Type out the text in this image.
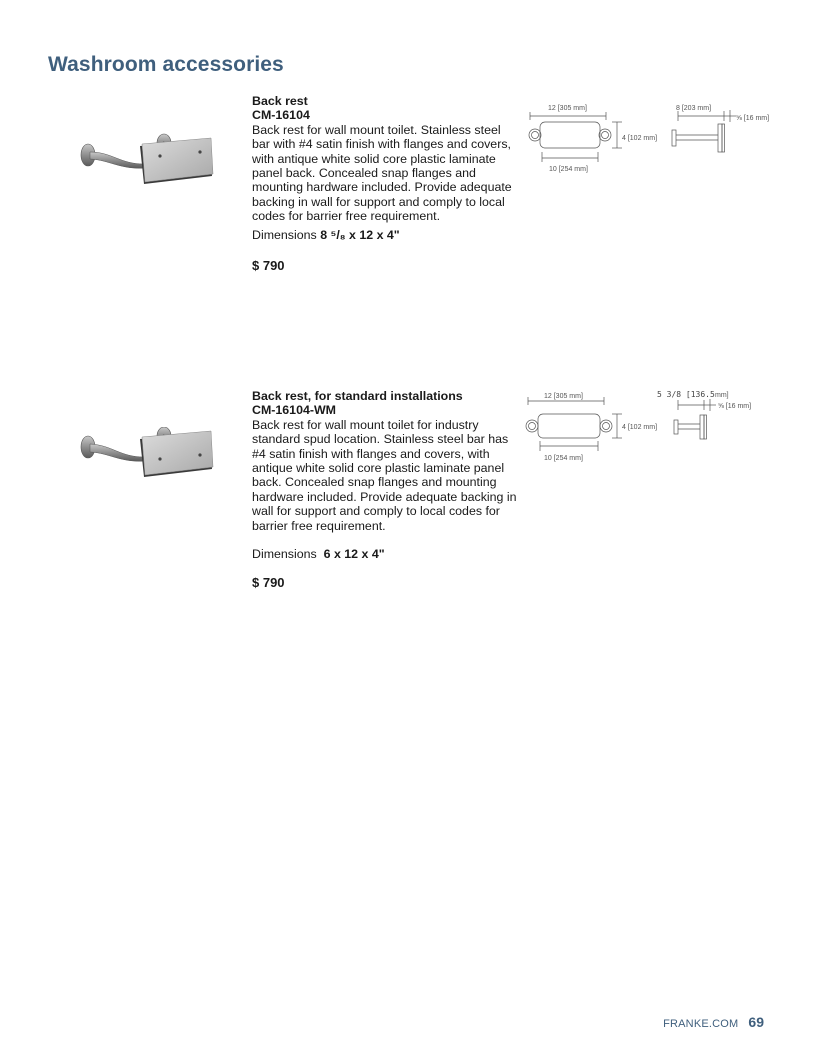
Washroom accessories
Back rest
CM-16104
Back rest for wall mount toilet. Stainless steel bar with #4 satin finish with flanges and covers, with antique white solid core plastic laminate panel back. Concealed snap flanges and mounting hardware included. Provide adequate backing in wall for support and comply to local codes for barrier free requirement.
Dimensions 8 ⁵/₈ x 12 x 4"
$ 790
12 [305 mm]
4 [102 mm]
10 [254 mm]
8 [203 mm]
⅝ [16 mm]
Back rest, for standard installations
CM-16104-WM
Back rest for wall mount toilet for industry standard spud location. Stainless steel bar has #4 satin finish with flanges and covers, with antique white solid core plastic laminate panel back. Concealed snap flanges and mounting hardware included. Provide adequate backing in wall for support and comply to local codes for barrier free requirement.
Dimensions 6 x 12 x 4"
$ 790
12 [305 mm]
4 [102 mm]
10 [254 mm]
5 3/8 [136.5 mm]
⅝ [16 mm]
FRANKE.COM 69
